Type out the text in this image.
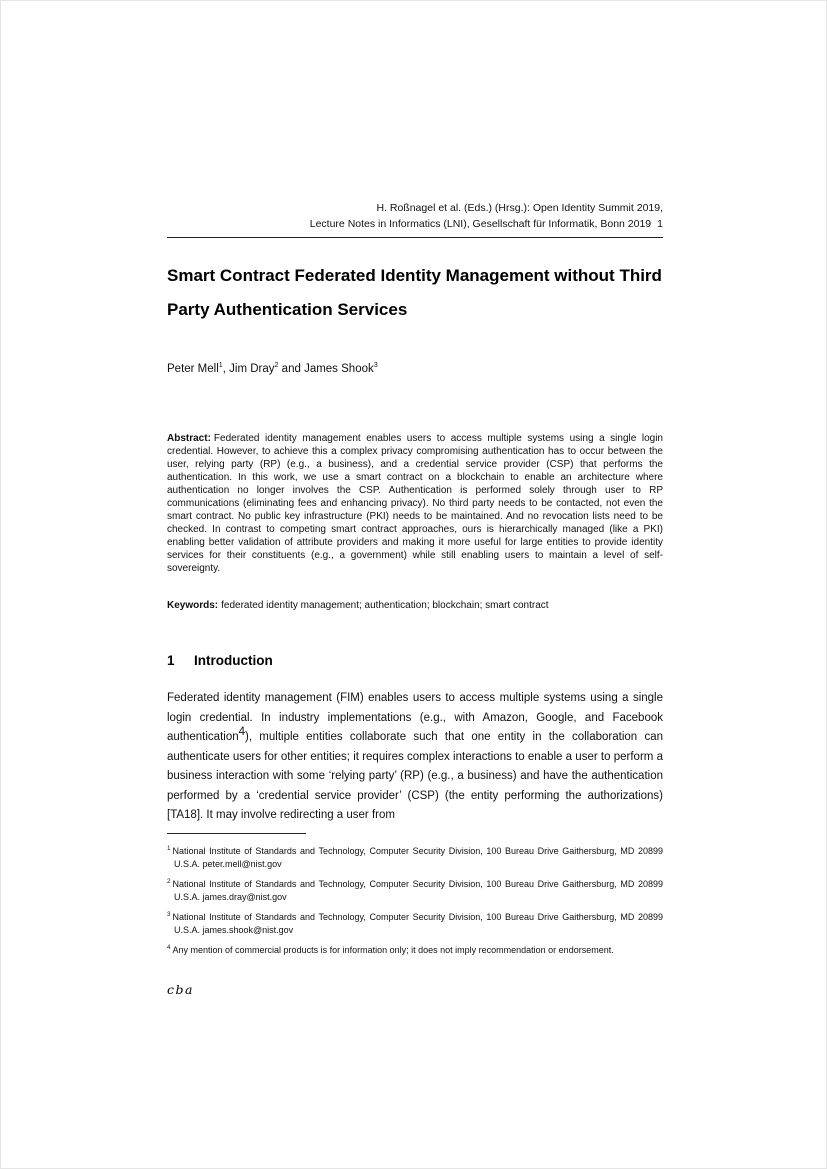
H. Roßnagel et al. (Eds.) (Hrsg.): Open Identity Summit 2019,
Lecture Notes in Informatics (LNI), Gesellschaft für Informatik, Bonn 2019 1
Smart Contract Federated Identity Management without Third Party Authentication Services

Peter Mell$^1$, Jim Dray$^2$ and James Shook$^3$

Abstract: Federated identity management enables users to access multiple systems using a single login credential. However, to achieve this a complex privacy compromising authentication has to occur between the user, relying party (RP) (e.g., a business), and a credential service provider (CSP) that performs the authentication. In this work, we use a smart contract on a blockchain to enable an architecture where authentication no longer involves the CSP. Authentication is performed solely through user to RP communications (eliminating fees and enhancing privacy). No third party needs to be contacted, not even the smart contract. No public key infrastructure (PKI) needs to be maintained. And no revocation lists need to be checked. In contrast to competing smart contract approaches, ours is hierarchically managed (like a PKI) enabling better validation of attribute providers and making it more useful for large entities to provide identity services for their constituents (e.g., a government) while still enabling users to maintain a level of self-sovereignty.

Keywords: federated identity management; authentication; blockchain; smart contract

1 Introduction

Federated identity management (FIM) enables users to access multiple systems using a single login credential. In industry implementations (e.g., with Amazon, Google, and Facebook authentication4), multiple entities collaborate such that one entity in the collaboration can authenticate users for other entities; it requires complex interactions to enable a user to perform a business interaction with some ‘relying party’ (RP) (e.g., a business) and have the authentication performed by a ‘credential service provider’ (CSP) (the entity performing the authorizations) [TA18]. It may involve redirecting a user from

$^1$ National Institute of Standards and Technology, Computer Security Division, 100 Bureau Drive Gaithersburg, MD 20899 U.S.A. peter.mell@nist.gov
$^2$ National Institute of Standards and Technology, Computer Security Division, 100 Bureau Drive Gaithersburg, MD 20899 U.S.A. james.dray@nist.gov
$^3$ National Institute of Standards and Technology, Computer Security Division, 100 Bureau Drive Gaithersburg, MD 20899 U.S.A. james.shook@nist.gov
$^4$ Any mention of commercial products is for information only; it does not imply recommendation or endorsement.
cba
